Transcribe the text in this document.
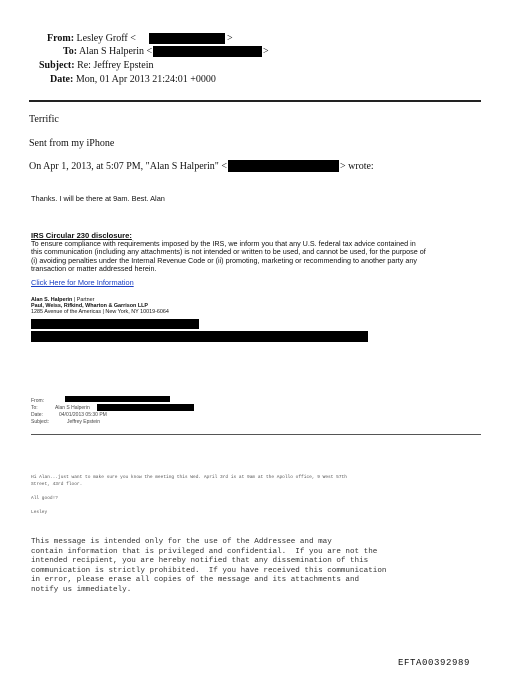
From: Lesley Groff <	>
To: Alan S Halperin <	>
Subject: Re: Jeffrey Epstein
Date: Mon, 01 Apr 2013 21:24:01 +0000
Terrific
Sent from my iPhone
On Apr 1, 2013, at 5:07 PM, "Alan S Halperin" <	> wrote:
Thanks. I will be there at 9am. Best. Alan
IRS Circular 230 disclosure:
To ensure compliance with requirements imposed by the IRS, we inform you that any U.S. federal tax advice contained in
this communication (including any attachments) is not intended or written to be used, and cannot be used, for the purpose of
(i) avoiding penalties under the Internal Revenue Code or (ii) promoting, marketing or recommending to another party any
transaction or matter addressed herein.
Click Here for More Information
Alan S. Halperin | Partner
Paul, Weiss, Rifkind, Wharton & Garrison LLP
1285 Avenue of the Americas | New York, NY 10019-6064
From:
To:	Alan S Halperin
Date:	04/01/2013 05:30 PM
Subject:	Jeffrey Epstein
Hi Alan...just want to make sure you know the meeting this Wed. April 3rd is at 9am at the Apollo office, 9 West 57th
Street, 43rd floor.
All good!?
Lesley
This message is intended only for the use of the Addressee and may
contain information that is privileged and confidential.  If you are not the
intended recipient, you are hereby notified that any dissemination of this
communication is strictly prohibited.  If you have received this communication
in error, please erase all copies of the message and its attachments and
notify us immediately.
EFTA00392989
